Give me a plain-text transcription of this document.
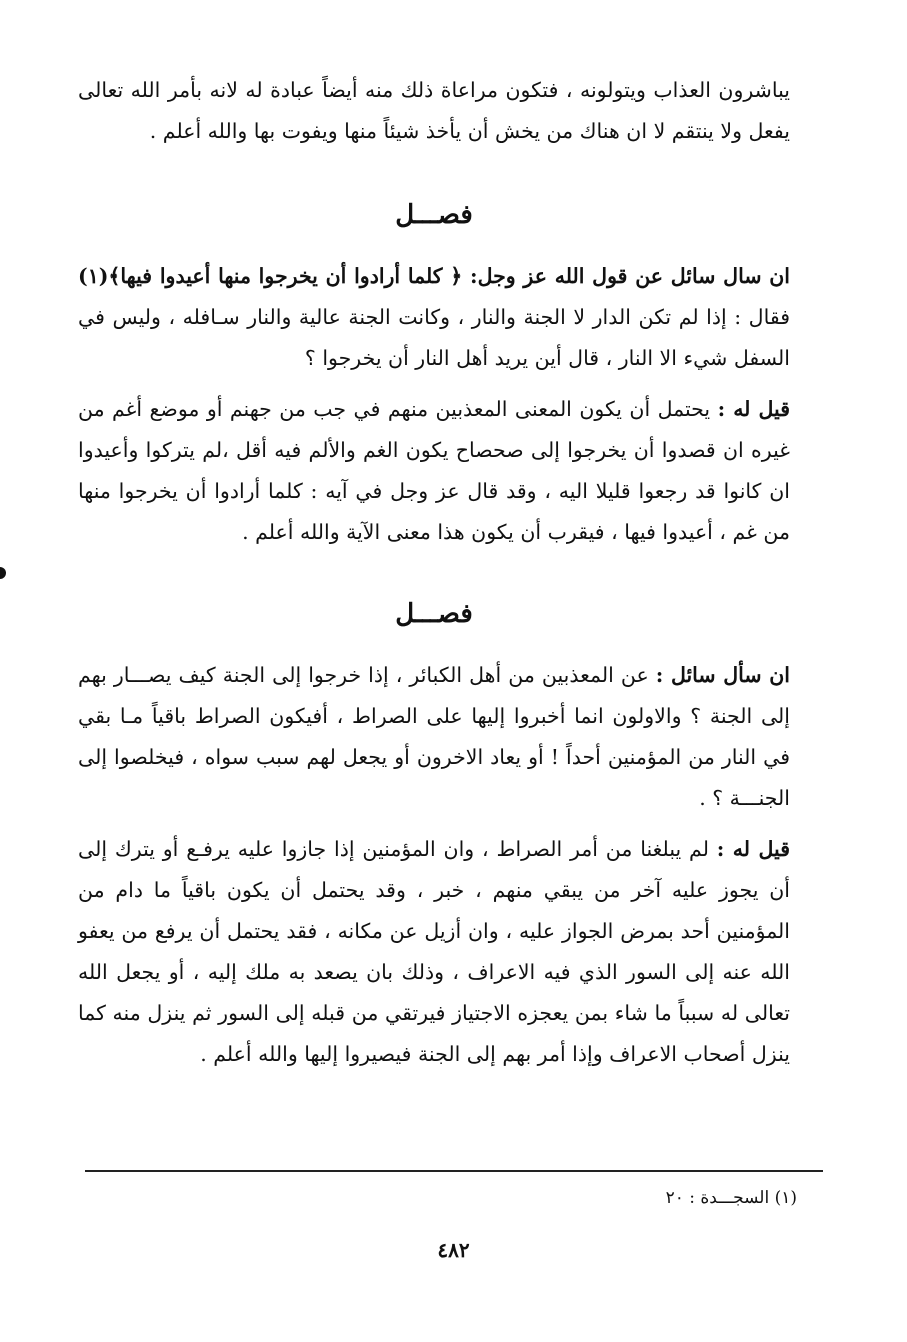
يباشرون العذاب ويتولونه ، فتكون مراعاة ذلك منه أيضاً عبادة له لانه بأمر الله تعالى يفعل ولا ينتقم لا ان هناك من يخش أن يأخذ شيئاً منها ويفوت بها والله أعلم .

فصـــل

ان سال سائل عن قول الله عز وجل: ﴿ كلما أرادوا أن يخرجوا منها أعيدوا فيها﴾(١) فقال : إذا لم تكن الدار لا الجنة والنار ، وكانت الجنة عالية والنار سـافله ، وليس في السفل شيء الا النار ، قال أين يريد أهل النار أن يخرجوا ؟

قيل له : يحتمل أن يكون المعنى المعذبين منهم في جب من جهنم أو موضع أغم من غيره ان قصدوا أن يخرجوا إلى صحصاح يكون الغم والألم فيه أقل ،لم يتركوا وأعيدوا ان كانوا قد رجعوا قليلا اليه ، وقد قال عز وجل في آيه : كلما أرادوا أن يخرجوا منها من غم ، أعيدوا فيها ، فيقرب أن يكون هذا معنى الآية والله أعلم .

فصـــل

ان سأل سائل : عن المعذبين من أهل الكبائر ، إذا خرجوا إلى الجنة كيف يصـــار بهم إلى الجنة ؟ والاولون انما أخبروا إليها على الصراط ، أفيكون الصراط باقياً مـا بقي في النار من المؤمنين أحداً ! أو يعاد الاخرون أو يجعل لهم سبب سواه ، فيخلصوا إلى الجنـــة ؟ .

قيل له : لم يبلغنا من أمر الصراط ، وان المؤمنين إذا جازوا عليه يرفـع أو يترك إلى أن يجوز عليه آخر من يبقي منهم ، خبر ، وقد يحتمل أن يكون باقياً ما دام من المؤمنين أحد بمرض الجواز عليه ، وان أزيل عن مكانه ، فقد يحتمل أن يرفع من يعفو الله عنه إلى السور الذي فيه الاعراف ، وذلك بان يصعد به ملك إليه ، أو يجعل الله تعالى له سبباً ما شاء بمن يعجزه الاجتياز فيرتقي من قبله إلى السور ثم ينزل منه كما ينزل أصحاب الاعراف وإذا أمر بهم إلى الجنة فيصيروا إليها والله أعلم .

(١) السجـــدة : ٢٠

٤٨٢
